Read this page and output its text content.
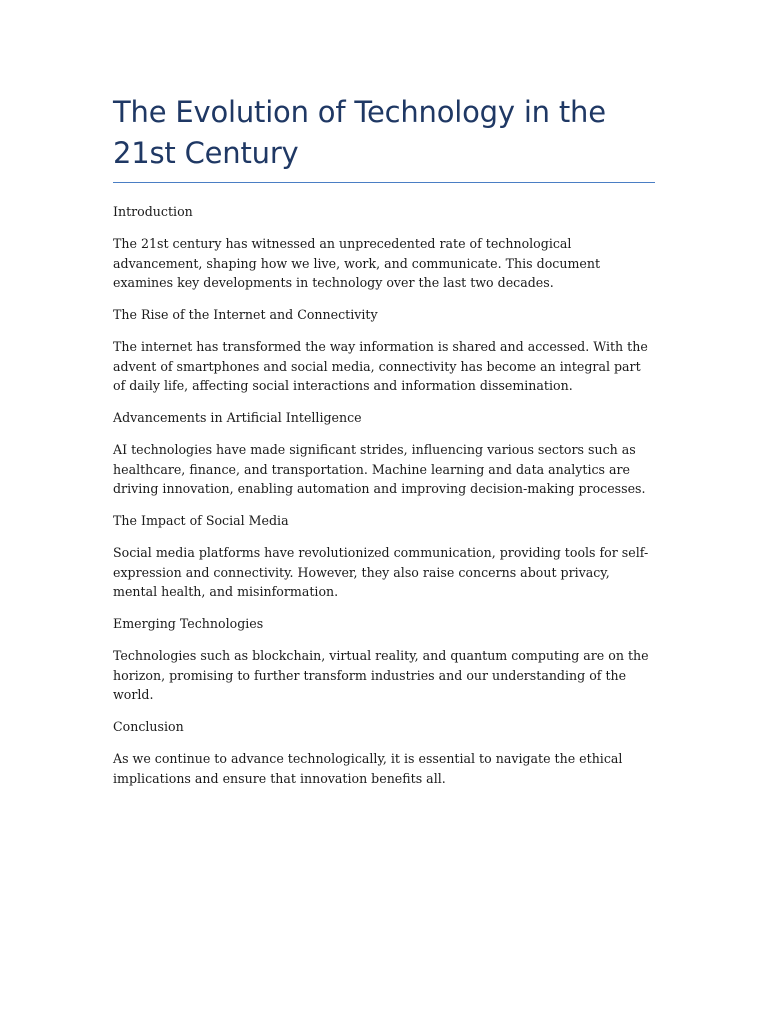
The Evolution of Technology in the 21st Century

Introduction

The 21st century has witnessed an unprecedented rate of technological advancement, shaping how we live, work, and communicate. This document examines key developments in technology over the last two decades.

The Rise of the Internet and Connectivity

The internet has transformed the way information is shared and accessed. With the advent of smartphones and social media, connectivity has become an integral part of daily life, affecting social interactions and information dissemination.

Advancements in Artificial Intelligence

AI technologies have made significant strides, influencing various sectors such as healthcare, finance, and transportation. Machine learning and data analytics are driving innovation, enabling automation and improving decision-making processes.

The Impact of Social Media

Social media platforms have revolutionized communication, providing tools for self-expression and connectivity. However, they also raise concerns about privacy, mental health, and misinformation.

Emerging Technologies

Technologies such as blockchain, virtual reality, and quantum computing are on the horizon, promising to further transform industries and our understanding of the world.

Conclusion

As we continue to advance technologically, it is essential to navigate the ethical implications and ensure that innovation benefits all.
